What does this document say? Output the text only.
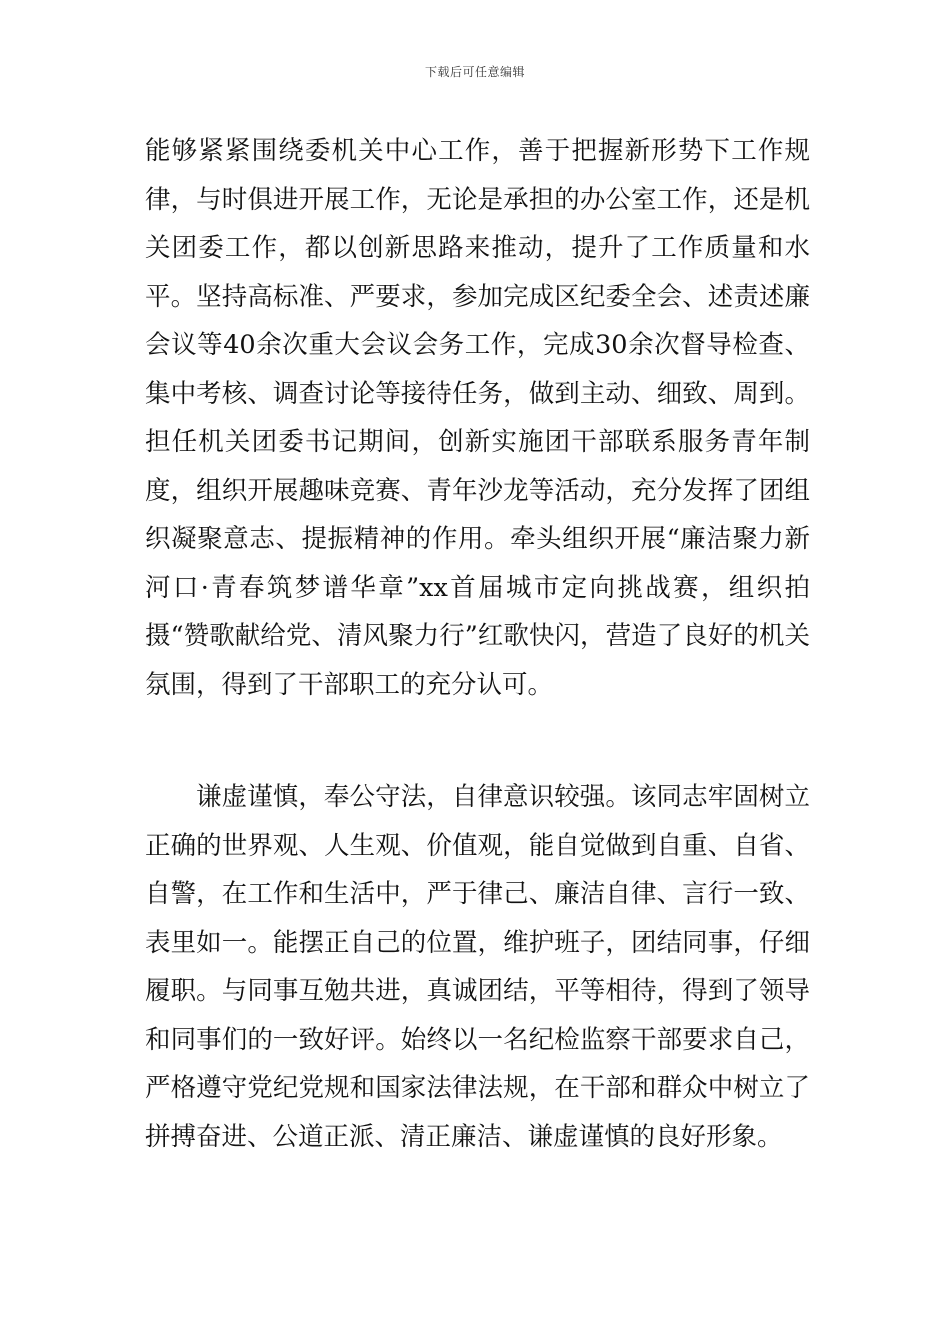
下载后可任意编辑

能够紧紧围绕委机关中心工作，善于把握新形势下工作规律，与时俱进开展工作，无论是承担的办公室工作，还是机关团委工作，都以创新思路来推动，提升了工作质量和水平。坚持高标准、严要求，参加完成区纪委全会、述责述廉会议等40余次重大会议会务工作，完成30余次督导检查、集中考核、调查讨论等接待任务，做到主动、细致、周到。担任机关团委书记期间，创新实施团干部联系服务青年制度，组织开展趣味竞赛、青年沙龙等活动，充分发挥了团组织凝聚意志、提振精神的作用。牵头组织开展“廉洁聚力新河口·青春筑梦谱华章”xx首届城市定向挑战赛，组织拍摄“赞歌献给党、清风聚力行”红歌快闪，营造了良好的机关氛围，得到了干部职工的充分认可。

谦虚谨慎，奉公守法，自律意识较强。该同志牢固树立正确的世界观、人生观、价值观，能自觉做到自重、自省、自警，在工作和生活中，严于律己、廉洁自律、言行一致、表里如一。能摆正自己的位置，维护班子，团结同事，仔细履职。与同事互勉共进，真诚团结，平等相待，得到了领导和同事们的一致好评。始终以一名纪检监察干部要求自己，严格遵守党纪党规和国家法律法规，在干部和群众中树立了拼搏奋进、公道正派、清正廉洁、谦虚谨慎的良好形象。
